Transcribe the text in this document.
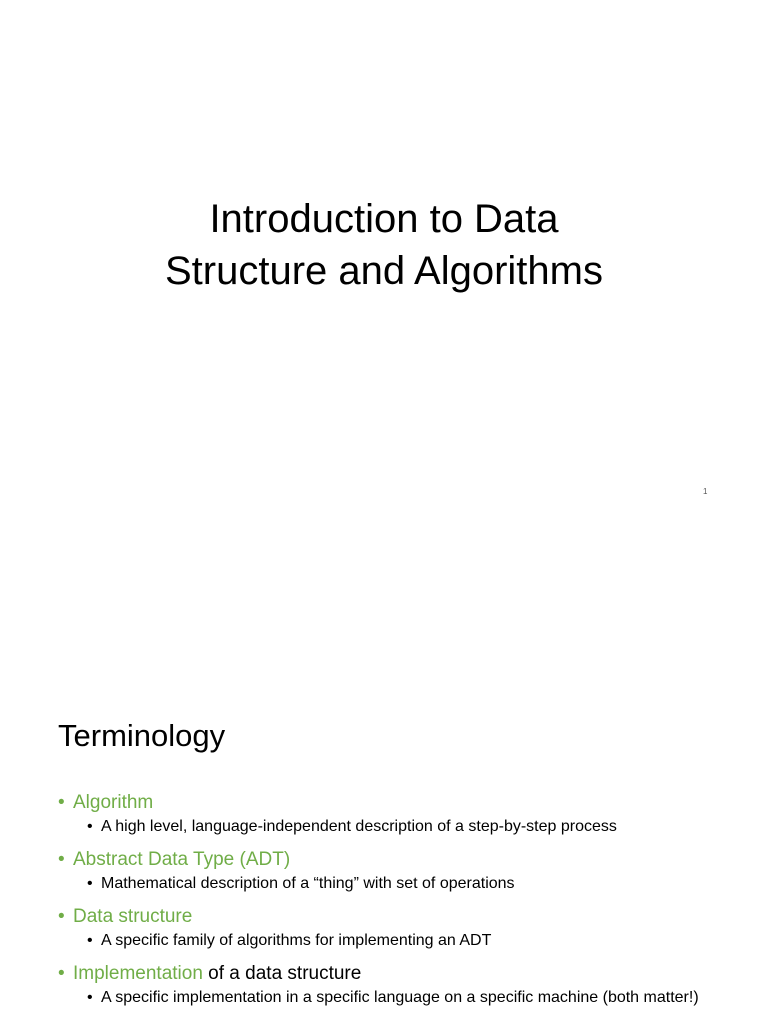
Introduction to Data
Structure and Algorithms
1
Terminology
• Algorithm
• A high level, language-independent description of a step-by-step process
• Abstract Data Type (ADT)
• Mathematical description of a “thing” with set of operations
• Data structure
• A specific family of algorithms for implementing an ADT
• Implementation of a data structure
• A specific implementation in a specific language on a specific machine (both matter!)
